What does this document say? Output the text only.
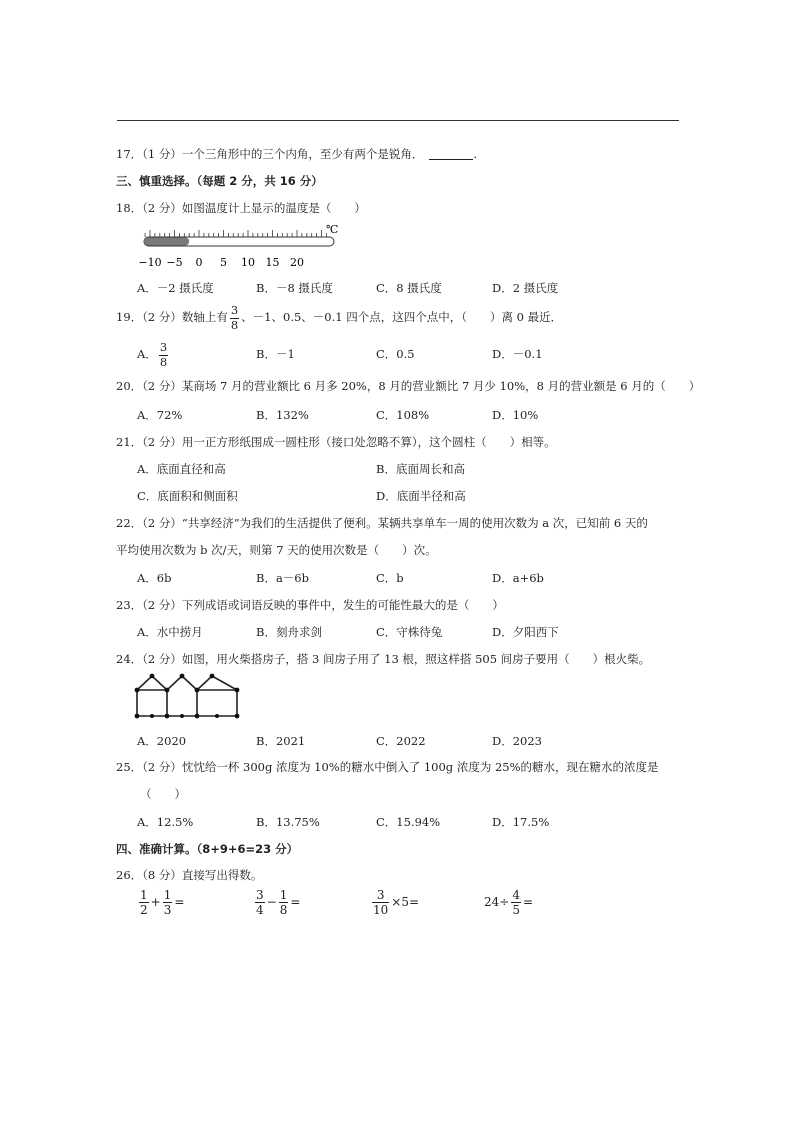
17．（1 分）一个三角形中的三个内角，至少有两个是锐角．	.
三、慎重选择。（每题 2 分，共 16 分）
18．（2 分）如图温度计上显示的温度是（　　）
−10 −5 0 5 10 15 20
℃
A．－2 摄氏度	B．－8 摄氏度	C．8 摄氏度	D．2 摄氏度
19．（2 分）数轴上有 $\frac{3}{8}$ 、－1、0.5、－0.1 四个点，这四个点中，（　　）离 0 最近．
A． $\frac{3}{8}$	B．－1	C．0.5	D．－0.1
20．（2 分）某商场 7 月的营业额比 6 月多 20%，8 月的营业额比 7 月少 10%，8 月的营业额是 6 月的（　　）
A．72%	B．132%	C．108%	D．10%
21．（2 分）用一正方形纸围成一圆柱形（接口处忽略不算），这个圆柱（　　）相等。
A．底面直径和高	B．底面周长和高
C．底面积和侧面积	D．底面半径和高
22．（2 分）“共享经济”为我们的生活提供了便利。某辆共享单车一周的使用次数为 a 次，已知前 6 天的
平均使用次数为 b 次/天，则第 7 天的使用次数是（　　）次。
A．6b	B．a－6b	C．b	D．a+6b
23．（2 分）下列成语或词语反映的事件中，发生的可能性最大的是（　　）
A．水中捞月	B．刻舟求剑	C．守株待兔	D．夕阳西下
24．（2 分）如图，用火柴搭房子，搭 3 间房子用了 13 根，照这样搭 505 间房子要用（　　）根火柴。
A．2020	B．2021	C．2022	D．2023
25．（2 分）忱忱给一杯 300g 浓度为 10%的糖水中倒入了 100g 浓度为 25%的糖水，现在糖水的浓度是
（　　）
A．12.5%	B．13.75%	C．15.94%	D．17.5%
四、准确计算。（8+9+6=23 分）
26．（8 分）直接写出得数。
$\frac{1}{2} + \frac{1}{3}$ =	$\frac{3}{4} - \frac{1}{8}$ =	$\frac{3}{10} \times 5=$	$24\div \frac{4}{5}$ =
